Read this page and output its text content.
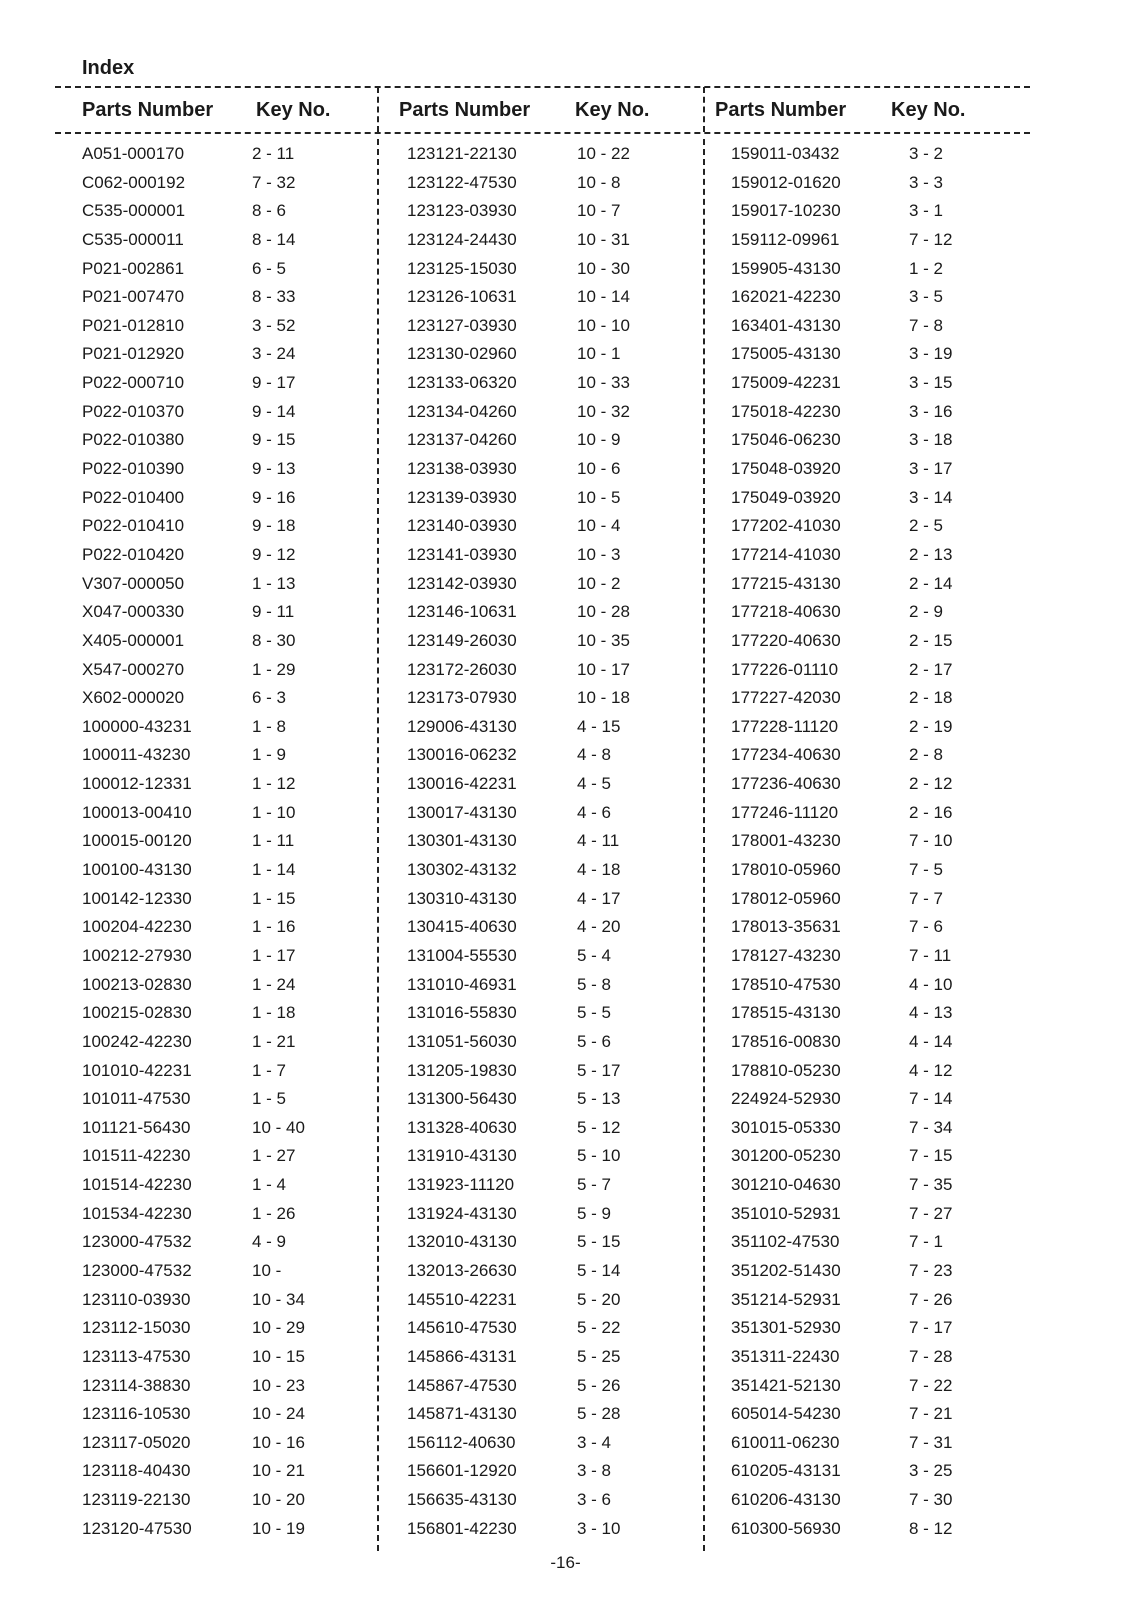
Index
Parts Number Key No.	Parts Number Key No.	Parts Number Key No.
A051-000170	2 - 11
C062-000192	7 - 32
C535-000001	8 - 6
C535-000011	8 - 14
P021-002861	6 - 5
P021-007470	8 - 33
P021-012810	3 - 52
P021-012920	3 - 24
P022-000710	9 - 17
P022-010370	9 - 14
P022-010380	9 - 15
P022-010390	9 - 13
P022-010400	9 - 16
P022-010410	9 - 18
P022-010420	9 - 12
V307-000050	1 - 13
X047-000330	9 - 11
X405-000001	8 - 30
X547-000270	1 - 29
X602-000020	6 - 3
100000-43231	1 - 8
100011-43230	1 - 9
100012-12331	1 - 12
100013-00410	1 - 10
100015-00120	1 - 11
100100-43130	1 - 14
100142-12330	1 - 15
100204-42230	1 - 16
100212-27930	1 - 17
100213-02830	1 - 24
100215-02830	1 - 18
100242-42230	1 - 21
101010-42231	1 - 7
101011-47530	1 - 5
101121-56430	10 - 40
101511-42230	1 - 27
101514-42230	1 - 4
101534-42230	1 - 26
123000-47532	4 - 9
123000-47532	10 -
123110-03930	10 - 34
123112-15030	10 - 29
123113-47530	10 - 15
123114-38830	10 - 23
123116-10530	10 - 24
123117-05020	10 - 16
123118-40430	10 - 21
123119-22130	10 - 20
123120-47530	10 - 19
123121-22130	10 - 22
123122-47530	10 - 8
123123-03930	10 - 7
123124-24430	10 - 31
123125-15030	10 - 30
123126-10631	10 - 14
123127-03930	10 - 10
123130-02960	10 - 1
123133-06320	10 - 33
123134-04260	10 - 32
123137-04260	10 - 9
123138-03930	10 - 6
123139-03930	10 - 5
123140-03930	10 - 4
123141-03930	10 - 3
123142-03930	10 - 2
123146-10631	10 - 28
123149-26030	10 - 35
123172-26030	10 - 17
123173-07930	10 - 18
129006-43130	4 - 15
130016-06232	4 - 8
130016-42231	4 - 5
130017-43130	4 - 6
130301-43130	4 - 11
130302-43132	4 - 18
130310-43130	4 - 17
130415-40630	4 - 20
131004-55530	5 - 4
131010-46931	5 - 8
131016-55830	5 - 5
131051-56030	5 - 6
131205-19830	5 - 17
131300-56430	5 - 13
131328-40630	5 - 12
131910-43130	5 - 10
131923-11120	5 - 7
131924-43130	5 - 9
132010-43130	5 - 15
132013-26630	5 - 14
145510-42231	5 - 20
145610-47530	5 - 22
145866-43131	5 - 25
145867-47530	5 - 26
145871-43130	5 - 28
156112-40630	3 - 4
156601-12920	3 - 8
156635-43130	3 - 6
156801-42230	3 - 10
159011-03432	3 - 2
159012-01620	3 - 3
159017-10230	3 - 1
159112-09961	7 - 12
159905-43130	1 - 2
162021-42230	3 - 5
163401-43130	7 - 8
175005-43130	3 - 19
175009-42231	3 - 15
175018-42230	3 - 16
175046-06230	3 - 18
175048-03920	3 - 17
175049-03920	3 - 14
177202-41030	2 - 5
177214-41030	2 - 13
177215-43130	2 - 14
177218-40630	2 - 9
177220-40630	2 - 15
177226-01110	2 - 17
177227-42030	2 - 18
177228-11120	2 - 19
177234-40630	2 - 8
177236-40630	2 - 12
177246-11120	2 - 16
178001-43230	7 - 10
178010-05960	7 - 5
178012-05960	7 - 7
178013-35631	7 - 6
178127-43230	7 - 11
178510-47530	4 - 10
178515-43130	4 - 13
178516-00830	4 - 14
178810-05230	4 - 12
224924-52930	7 - 14
301015-05330	7 - 34
301200-05230	7 - 15
301210-04630	7 - 35
351010-52931	7 - 27
351102-47530	7 - 1
351202-51430	7 - 23
351214-52931	7 - 26
351301-52930	7 - 17
351311-22430	7 - 28
351421-52130	7 - 22
605014-54230	7 - 21
610011-06230	7 - 31
610205-43131	3 - 25
610206-43130	7 - 30
610300-56930	8 - 12
-16-
